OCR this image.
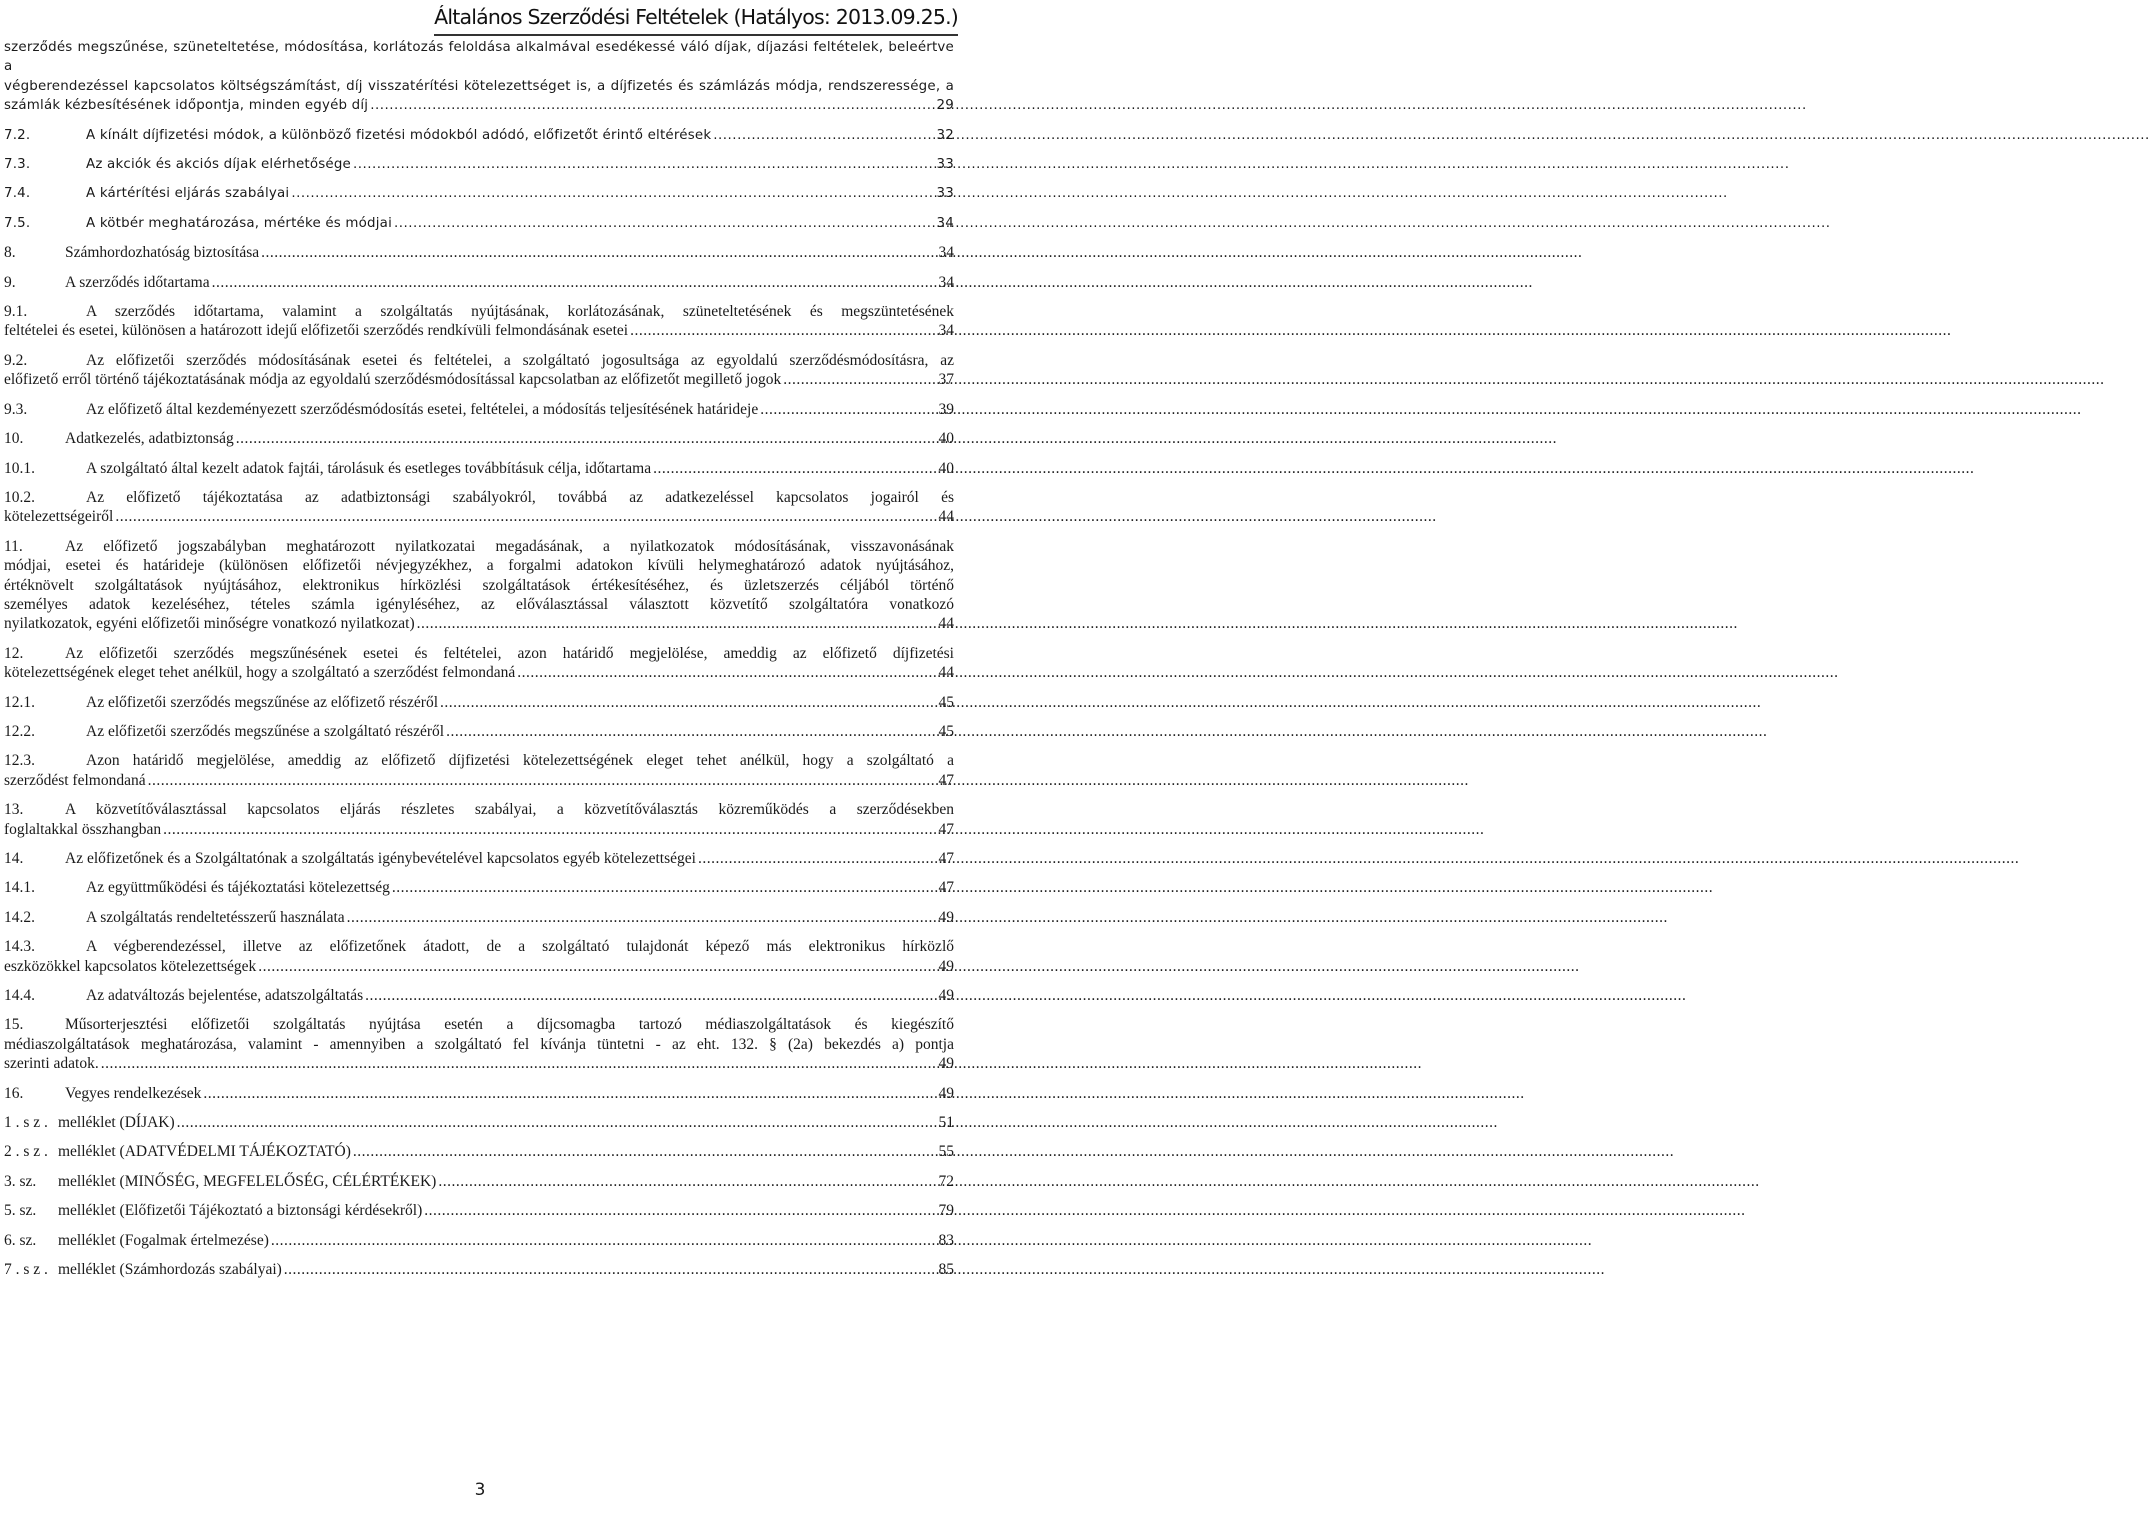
Általános Szerződési Feltételek (Hatályos: 2013.09.25.)
szerződés megszűnése, szüneteltetése, módosítása, korlátozás feloldása alkalmával esedékessé váló díjak, díjazási feltételek, beleértve a
végberendezéssel kapcsolatos költségszámítást, díj visszatérítési kötelezettséget is, a díjfizetés és számlázás módja, rendszeressége, a
számlák kézbesítésének időpontja, minden egyéb díj .....	29
7.2.	A kínált díjfizetési módok, a különböző fizetési módokból adódó, előfizetőt érintő eltérések .....	32
7.3.	Az akciók és akciós díjak elérhetősége .....	33
7.4.	A kártérítési eljárás szabályai .....	33
7.5.	A kötbér meghatározása, mértéke és módjai .....	34
8.	Számhordozhatóság biztosítása .....	34
9.	A szerződés időtartama .....	34
9.1.	A szerződés időtartama, valamint a szolgáltatás nyújtásának, korlátozásának, szüneteltetésének és megszüntetésének
feltételei és esetei, különösen a határozott idejű előfizetői szerződés rendkívüli felmondásának esetei .....	34
9.2.	Az előfizetői szerződés módosításának esetei és feltételei, a szolgáltató jogosultsága az egyoldalú szerződésmódosításra, az
előfizető erről történő tájékoztatásának módja az egyoldalú szerződésmódosítással kapcsolatban az előfizetőt megillető jogok .....	37
9.3.	Az előfizető által kezdeményezett szerződésmódosítás esetei, feltételei, a módosítás teljesítésének határideje .....	39
10.	Adatkezelés, adatbiztonság .....	40
10.1.	A szolgáltató által kezelt adatok fajtái, tárolásuk és esetleges továbbításuk célja, időtartama .....	40
10.2.	Az előfizető tájékoztatása az adatbiztonsági szabályokról, továbbá az adatkezeléssel kapcsolatos jogairól és
kötelezettségeiről .....	44
11.	Az előfizető jogszabályban meghatározott nyilatkozatai megadásának, a nyilatkozatok módosításának, visszavonásának
módjai, esetei és határideje (különösen előfizetői névjegyzékhez, a forgalmi adatokon kívüli helymeghatározó adatok nyújtásához,
értéknövelt szolgáltatások nyújtásához, elektronikus hírközlési szolgáltatások értékesítéséhez, és üzletszerzés céljából történő
személyes adatok kezeléséhez, tételes számla igényléséhez, az előválasztással választott közvetítő szolgáltatóra vonatkozó
nyilatkozatok, egyéni előfizetői minőségre vonatkozó nyilatkozat) .....	44
12.	Az előfizetői szerződés megszűnésének esetei és feltételei, azon határidő megjelölése, ameddig az előfizető díjfizetési
kötelezettségének eleget tehet anélkül, hogy a szolgáltató a szerződést felmondaná .....	44
12.1.	Az előfizetői szerződés megszűnése az előfizető részéről .....	45
12.2.	Az előfizetői szerződés megszűnése a szolgáltató részéről .....	45
12.3.	Azon határidő megjelölése, ameddig az előfizető díjfizetési kötelezettségének eleget tehet anélkül, hogy a szolgáltató a
szerződést felmondaná .....	47
13.	A közvetítőválasztással kapcsolatos eljárás részletes szabályai, a közvetítőválasztás közreműködés a szerződésekben
foglaltakkal összhangban .....	47
14.	Az előfizetőnek és a Szolgáltatónak a szolgáltatás igénybevételével kapcsolatos egyéb kötelezettségei .....	47
14.1.	Az együttműködési és tájékoztatási kötelezettség .....	47
14.2.	A szolgáltatás rendeltetésszerű használata .....	49
14.3.	A végberendezéssel, illetve az előfizetőnek átadott, de a szolgáltató tulajdonát képező más elektronikus hírközlő
eszközökkel kapcsolatos kötelezettségek .....	49
14.4.	Az adatváltozás bejelentése, adatszolgáltatás .....	49
15.	Műsorterjesztési előfizetői szolgáltatás nyújtása esetén a díjcsomagba tartozó médiaszolgáltatások és kiegészítő
médiaszolgáltatások meghatározása, valamint - amennyiben a szolgáltató fel kívánja tüntetni - az eht. 132. § (2a) bekezdés a) pontja
szerinti adatok. .....	49
16.	Vegyes rendelkezések .....	49
1 . s z . melléklet (DÍJAK) .....	51
2 . s z . melléklet (ADATVÉDELMI TÁJÉKOZTATÓ) .....	55
3. sz.	melléklet (MINŐSÉG, MEGFELELŐSÉG, CÉLÉRTÉKEK) .....	72
5. sz.	melléklet (Előfizetői Tájékoztató a biztonsági kérdésekről) .....	79
6. sz.	melléklet (Fogalmak értelmezése) .....	83
7 . s z . melléklet (Számhordozás szabályai) .....	85
3
